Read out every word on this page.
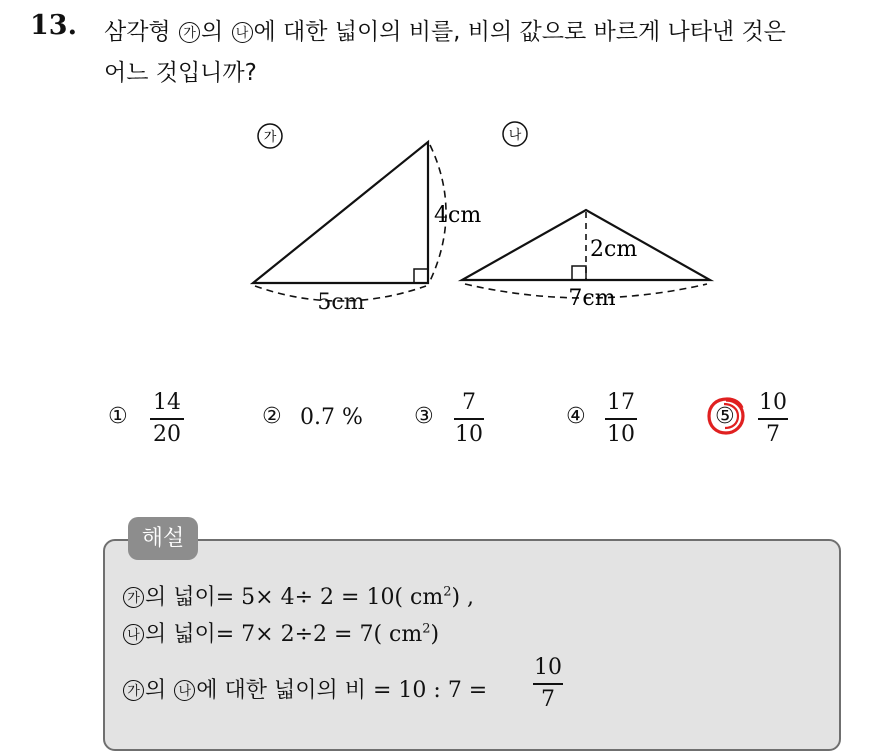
13. 삼각형 가 의 나 에 대한 넓이의 비를, 비의 값으로 바르게 나타낸 것은
어느 것입니까?
가	나
4cm
5cm
2cm
7cm
①
14
20
② 0.7 % ③
7
10
④
17
10
⑤
10
7
해설
가 의 넓이= 5× 4÷ 2 = 10( $cm^2$) ,
나 의 넓이= 7× 2÷2 = 7( $cm^2$)
가 의 나 에 대한 넓이의 비 = 10 : 7 =
10
7
